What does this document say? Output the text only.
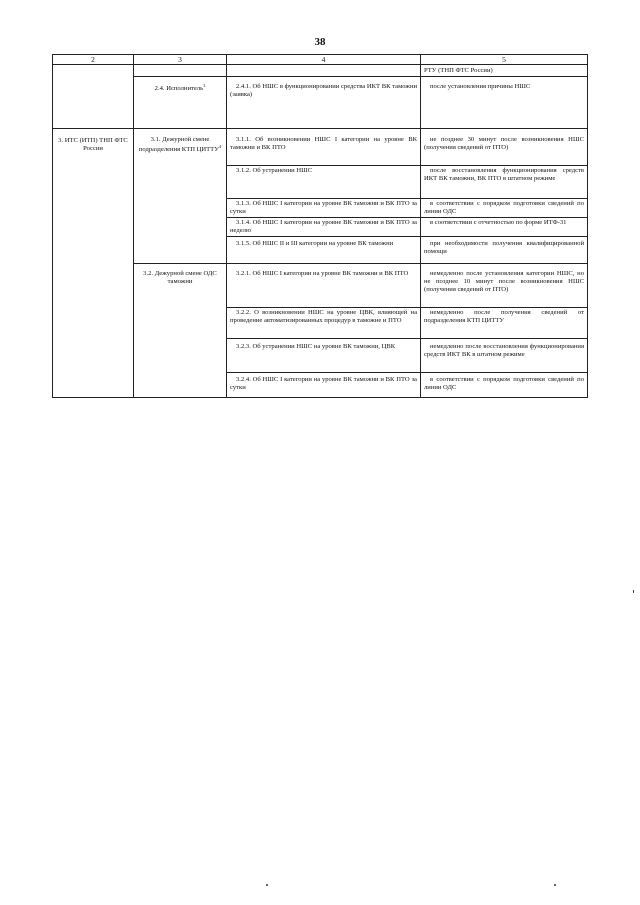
38
2	3	4	5
			РТУ (ТНП ФТС России)
	2.4. Исполнитель$^3$	2.4.1. Об НШС в функционировании средства ИКТ ВК таможни (заявка)	после установления причины НШС
3. ИТС (ИТП) ТНП ФТС России	3.1. Дежурной смене подразделения КТП ЦИТТУ$^4$	3.1.1. Об возникновении НШС I категории на уровне ВК таможни и ВК ПТО	не позднее 30 минут после возникновения НШС (получения сведений от ПТО)
		3.1.2. Об устранении НШС	после восстановления функционирования средств ИКТ ВК таможни, ВК ПТО в штатном режиме
		3.1.3. Об НШС I категории на уровне ВК таможни и ВК ПТО за сутки	в соответствии с порядком подготовки сведений по линии ОДС
		3.1.4. Об НШС I категории на уровне ВК таможни и ВК ПТО за неделю	в соответствии с отчетностью по форме ИТФ-31
		3.1.5. Об НШС II и III категории на уровне ВК таможни	при необходимости получения квалифицированной помощи
	3.2. Дежурной смене ОДС таможни	3.2.1. Об НШС I категории на уровне ВК таможни и ВК ПТО	немедленно после установления категории НШС, но не позднее 10 минут после возникновения НШС (получения сведений от ПТО)
		3.2.2. О возникновении НШС на уровне ЦВК, влияющей на проведение автоматизированных процедур в таможне и ПТО	немедленно после получения сведений от подразделения КТП ЦИТТУ
		3.2.3. Об устранении НШС на уровне ВК таможни, ЦВК	немедленно после восстановления функционирования средств ИКТ ВК в штатном режиме
		3.2.4. Об НШС I категории на уровне ВК таможни и ВК ПТО за сутки	в соответствии с порядком подготовки сведений по линии ОДС
